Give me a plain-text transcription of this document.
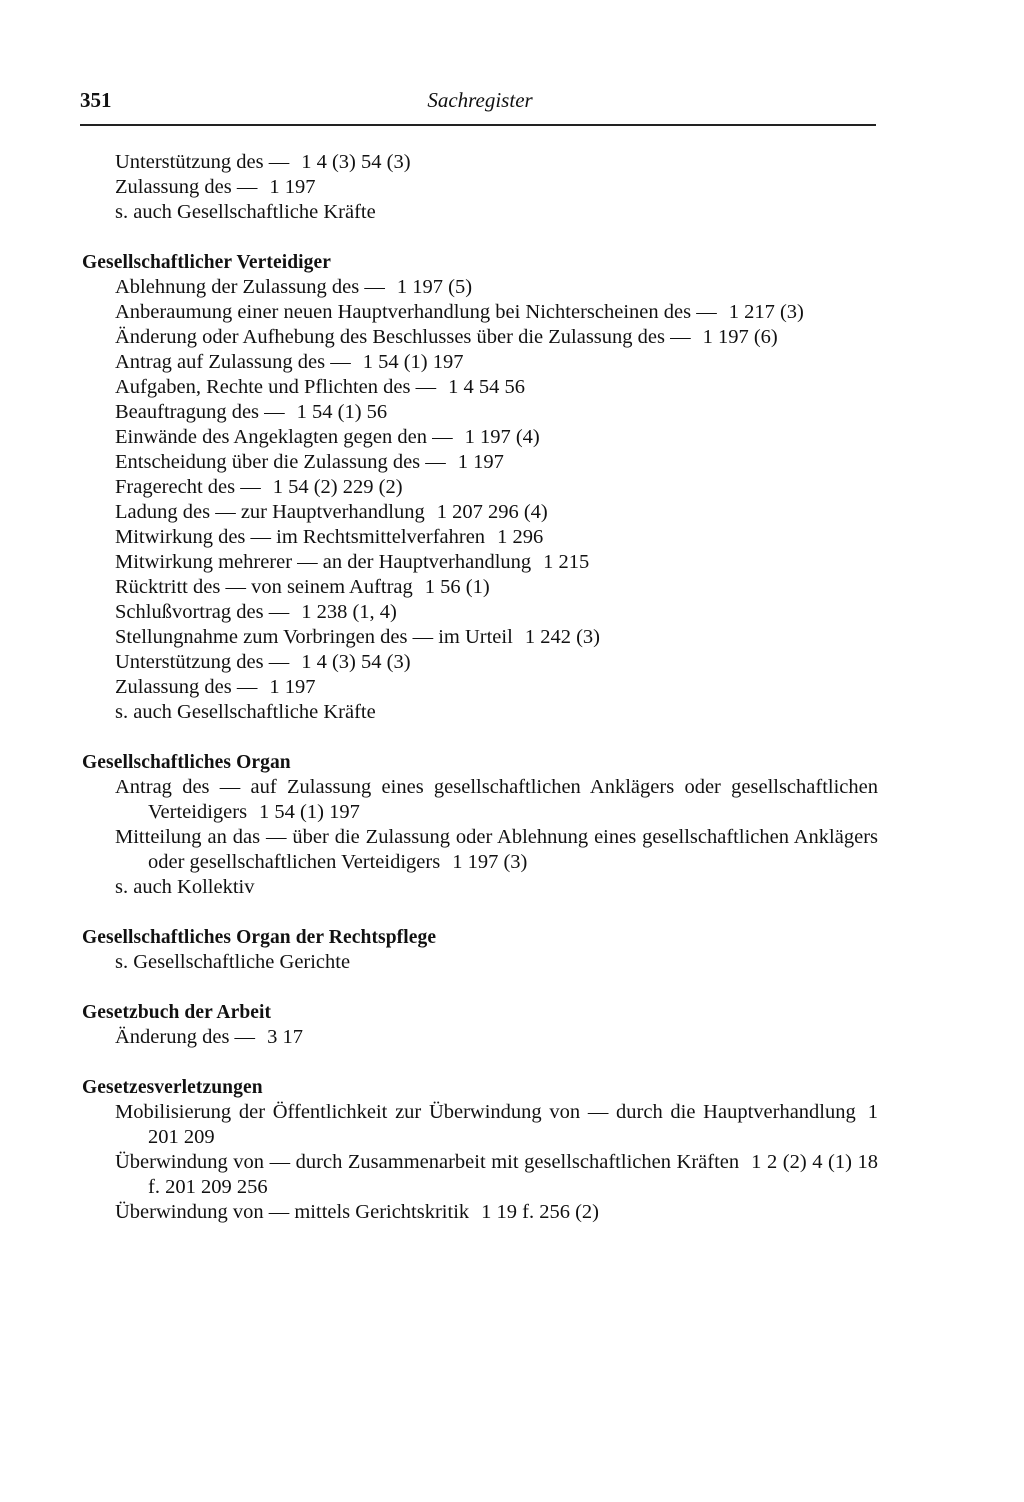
351	Sachregister
Unterstützung des — 1 4 (3) 54 (3)
Zulassung des — 1 197
s. auch Gesellschaftliche Kräfte
Gesellschaftlicher Verteidiger
Ablehnung der Zulassung des — 1 197 (5)
Anberaumung einer neuen Hauptverhandlung bei Nichterscheinen des — 1 217 (3)
Änderung oder Aufhebung des Beschlusses über die Zulassung des — 1 197 (6)
Antrag auf Zulassung des — 1 54 (1) 197
Aufgaben, Rechte und Pflichten des — 1 4 54 56
Beauftragung des — 1 54 (1) 56
Einwände des Angeklagten gegen den — 1 197 (4)
Entscheidung über die Zulassung des — 1 197
Fragerecht des — 1 54 (2) 229 (2)
Ladung des — zur Hauptverhandlung 1 207 296 (4)
Mitwirkung des — im Rechtsmittelverfahren 1 296
Mitwirkung mehrerer — an der Hauptverhandlung 1 215
Rücktritt des — von seinem Auftrag 1 56 (1)
Schlußvortrag des — 1 238 (1, 4)
Stellungnahme zum Vorbringen des — im Urteil 1 242 (3)
Unterstützung des — 1 4 (3) 54 (3)
Zulassung des — 1 197
s. auch Gesellschaftliche Kräfte
Gesellschaftliches Organ
Antrag des — auf Zulassung eines gesellschaftlichen Anklägers oder gesellschaftlichen Verteidigers 1 54 (1) 197
Mitteilung an das — über die Zulassung oder Ablehnung eines gesellschaftlichen Anklägers oder gesellschaftlichen Verteidigers 1 197 (3)
s. auch Kollektiv
Gesellschaftliches Organ der Rechtspflege
s. Gesellschaftliche Gerichte
Gesetzbuch der Arbeit
Änderung des — 3 17
Gesetzesverletzungen
Mobilisierung der Öffentlichkeit zur Überwindung von — durch die Hauptverhandlung 1 201 209
Überwindung von — durch Zusammenarbeit mit gesellschaftlichen Kräften 1 2 (2) 4 (1) 18 f. 201 209 256
Überwindung von — mittels Gerichtskritik 1 19 f. 256 (2)
